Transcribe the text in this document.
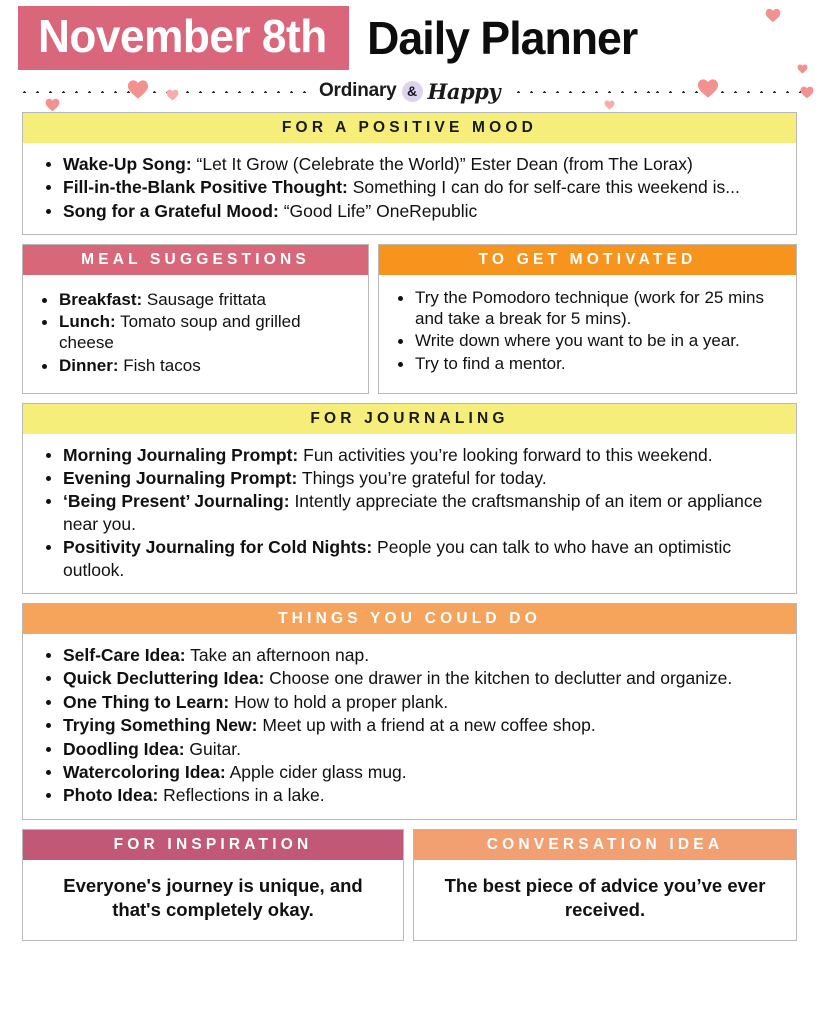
November 8th Daily Planner
Ordinary & Happy
FOR A POSITIVE MOOD
Wake-Up Song: “Let It Grow (Celebrate the World)” Ester Dean (from The Lorax)
Fill-in-the-Blank Positive Thought: Something I can do for self-care this weekend is...
Song for a Grateful Mood: “Good Life” OneRepublic
MEAL SUGGESTIONS
Breakfast: Sausage frittata
Lunch: Tomato soup and grilled cheese
Dinner: Fish tacos
TO GET MOTIVATED
Try the Pomodoro technique (work for 25 mins and take a break for 5 mins).
Write down where you want to be in a year.
Try to find a mentor.
FOR JOURNALING
Morning Journaling Prompt: Fun activities you’re looking forward to this weekend.
Evening Journaling Prompt: Things you’re grateful for today.
‘Being Present’ Journaling: Intently appreciate the craftsmanship of an item or appliance near you.
Positivity Journaling for Cold Nights: People you can talk to who have an optimistic outlook.
THINGS YOU COULD DO
Self-Care Idea: Take an afternoon nap.
Quick Decluttering Idea: Choose one drawer in the kitchen to declutter and organize.
One Thing to Learn: How to hold a proper plank.
Trying Something New: Meet up with a friend at a new coffee shop.
Doodling Idea: Guitar.
Watercoloring Idea: Apple cider glass mug.
Photo Idea: Reflections in a lake.
FOR INSPIRATION
Everyone's journey is unique, and that's completely okay.
CONVERSATION IDEA
The best piece of advice you’ve ever received.
